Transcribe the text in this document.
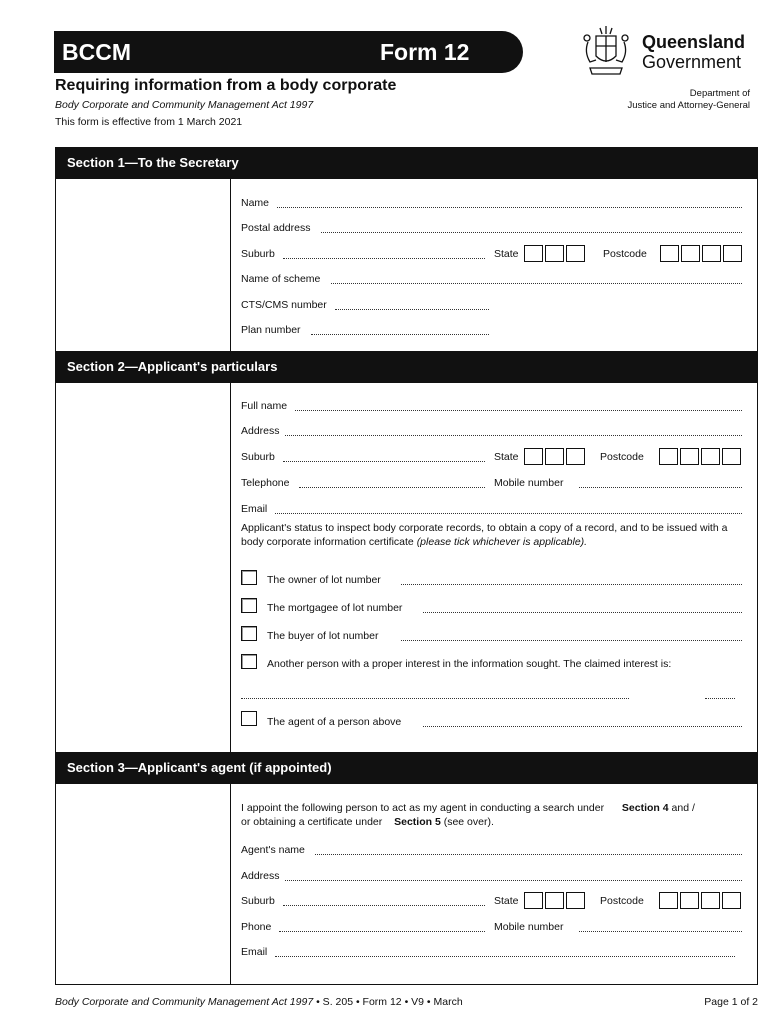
BCCM	Form 12
Requiring information from a body corporate
Body Corporate and Community Management Act 1997
This form is effective from 1 March 2021
Queensland
Government
Department of
Justice and Attorney-General
Section 1—To the Secretary
Name
Postal address
Suburb	State	Postcode
Name of scheme
CTS/CMS number
Plan number
Section 2—Applicant's particulars
Full name
Address
Suburb	State	Postcode
Telephone	Mobile number
Email
Applicant's status to inspect body corporate records, to obtain a copy of a record, and to be issued with a body corporate information certificate (please tick whichever is applicable).
The owner of lot number
The mortgagee of lot number
The buyer of lot number
Another person with a proper interest in the information sought. The claimed interest is:
The agent of a person above
Section 3—Applicant's agent (if appointed)
I appoint the following person to act as my agent in conducting a search under Section 4 and /
or obtaining a certificate under Section 5 (see over).
Agent's name
Address
Suburb	State	Postcode
Phone	Mobile number
Email
Body Corporate and Community Management Act 1997 • S. 205 • Form 12 • V9 • March	Page 1 of 2
